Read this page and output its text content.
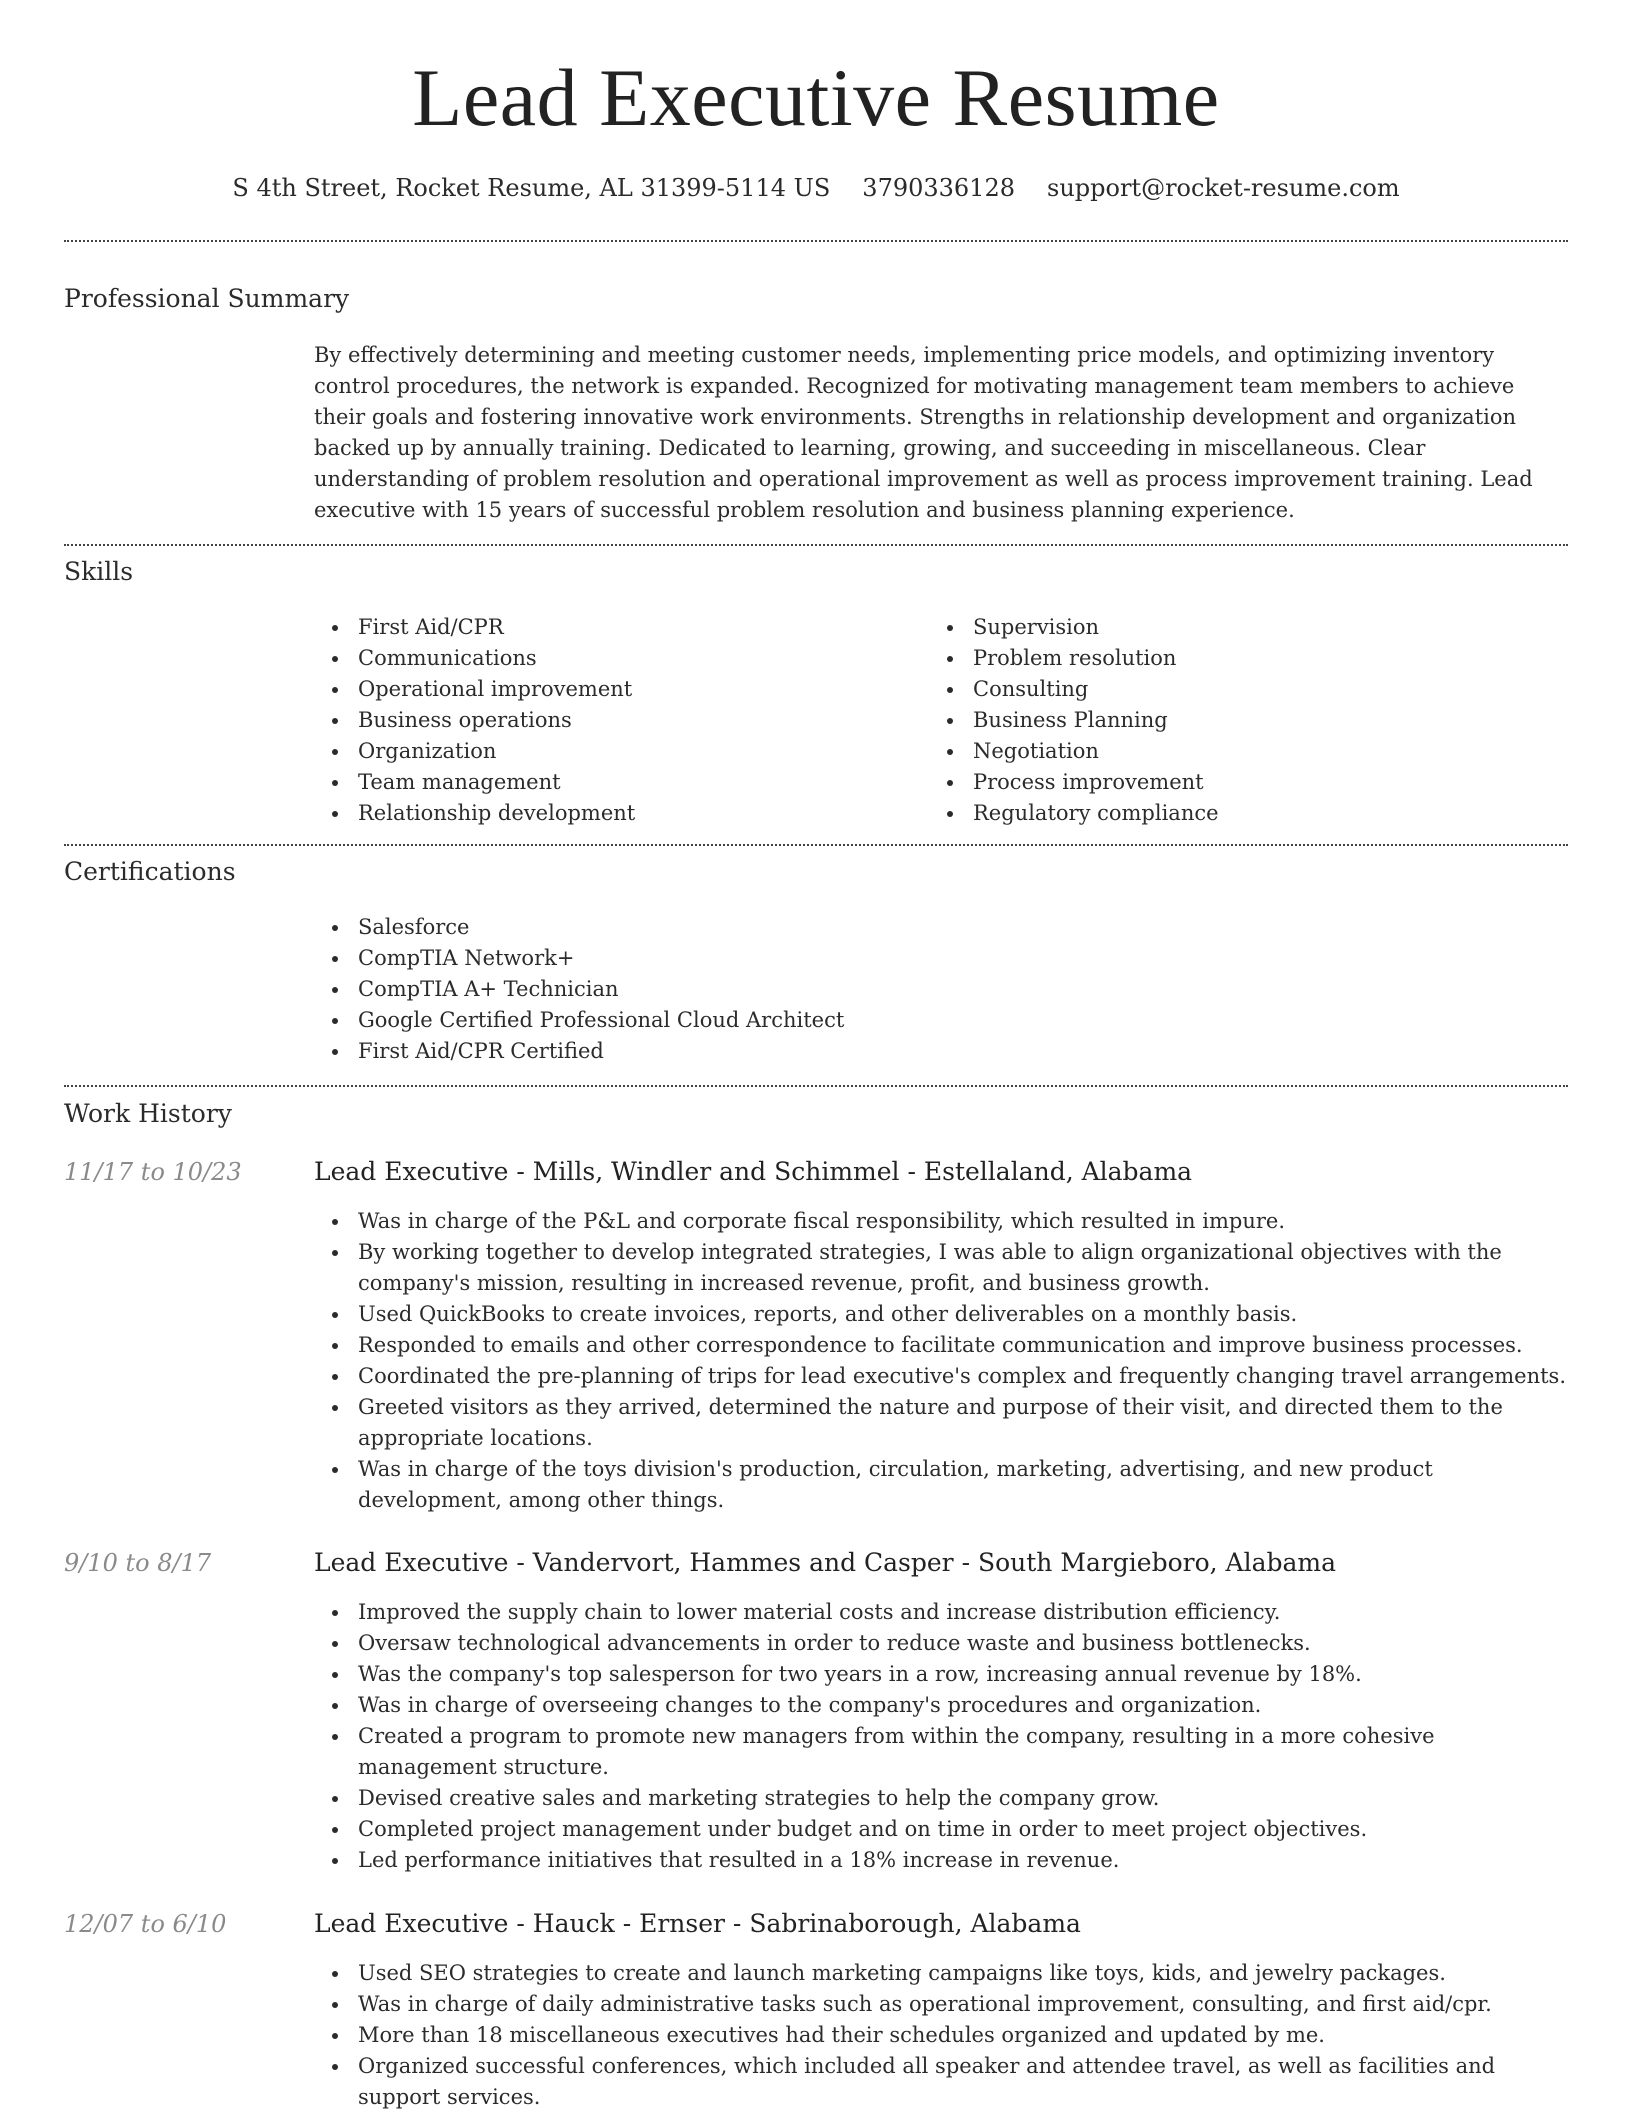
Lead Executive Resume
S 4th Street, Rocket Resume, AL 31399-5114 US 3790336128 support@rocket-resume.com
Professional Summary

By effectively determining and meeting customer needs, implementing price models, and optimizing inventory control procedures, the network is expanded. Recognized for motivating management team members to achieve their goals and fostering innovative work environments. Strengths in relationship development and organization backed up by annually training. Dedicated to learning, growing, and succeeding in miscellaneous. Clear understanding of problem resolution and operational improvement as well as process improvement training. Lead executive with 15 years of successful problem resolution and business planning experience.

Skills
First Aid/CPR
Communications
Operational improvement
Business operations
Organization
Team management
Relationship development
Supervision
Problem resolution
Consulting
Business Planning
Negotiation
Process improvement
Regulatory compliance
Certifications
Salesforce
CompTIA Network+
CompTIA A+ Technician
Google Certified Professional Cloud Architect
First Aid/CPR Certified
Work History
11/17 to 10/23	Lead Executive - Mills, Windler and Schimmel - Estellaland, Alabama
Was in charge of the P&L and corporate fiscal responsibility, which resulted in impure.
By working together to develop integrated strategies, I was able to align organizational objectives with the company's mission, resulting in increased revenue, profit, and business growth.
Used QuickBooks to create invoices, reports, and other deliverables on a monthly basis.
Responded to emails and other correspondence to facilitate communication and improve business processes.
Coordinated the pre-planning of trips for lead executive's complex and frequently changing travel arrangements.
Greeted visitors as they arrived, determined the nature and purpose of their visit, and directed them to the appropriate locations.
Was in charge of the toys division's production, circulation, marketing, advertising, and new product development, among other things.
9/10 to 8/17	Lead Executive - Vandervort, Hammes and Casper - South Margieboro, Alabama
Improved the supply chain to lower material costs and increase distribution efficiency.
Oversaw technological advancements in order to reduce waste and business bottlenecks.
Was the company's top salesperson for two years in a row, increasing annual revenue by 18%.
Was in charge of overseeing changes to the company's procedures and organization.
Created a program to promote new managers from within the company, resulting in a more cohesive management structure.
Devised creative sales and marketing strategies to help the company grow.
Completed project management under budget and on time in order to meet project objectives.
Led performance initiatives that resulted in a 18% increase in revenue.
12/07 to 6/10	Lead Executive - Hauck - Ernser - Sabrinaborough, Alabama
Used SEO strategies to create and launch marketing campaigns like toys, kids, and jewelry packages.
Was in charge of daily administrative tasks such as operational improvement, consulting, and first aid/cpr.
More than 18 miscellaneous executives had their schedules organized and updated by me.
Organized successful conferences, which included all speaker and attendee travel, as well as facilities and support services.
